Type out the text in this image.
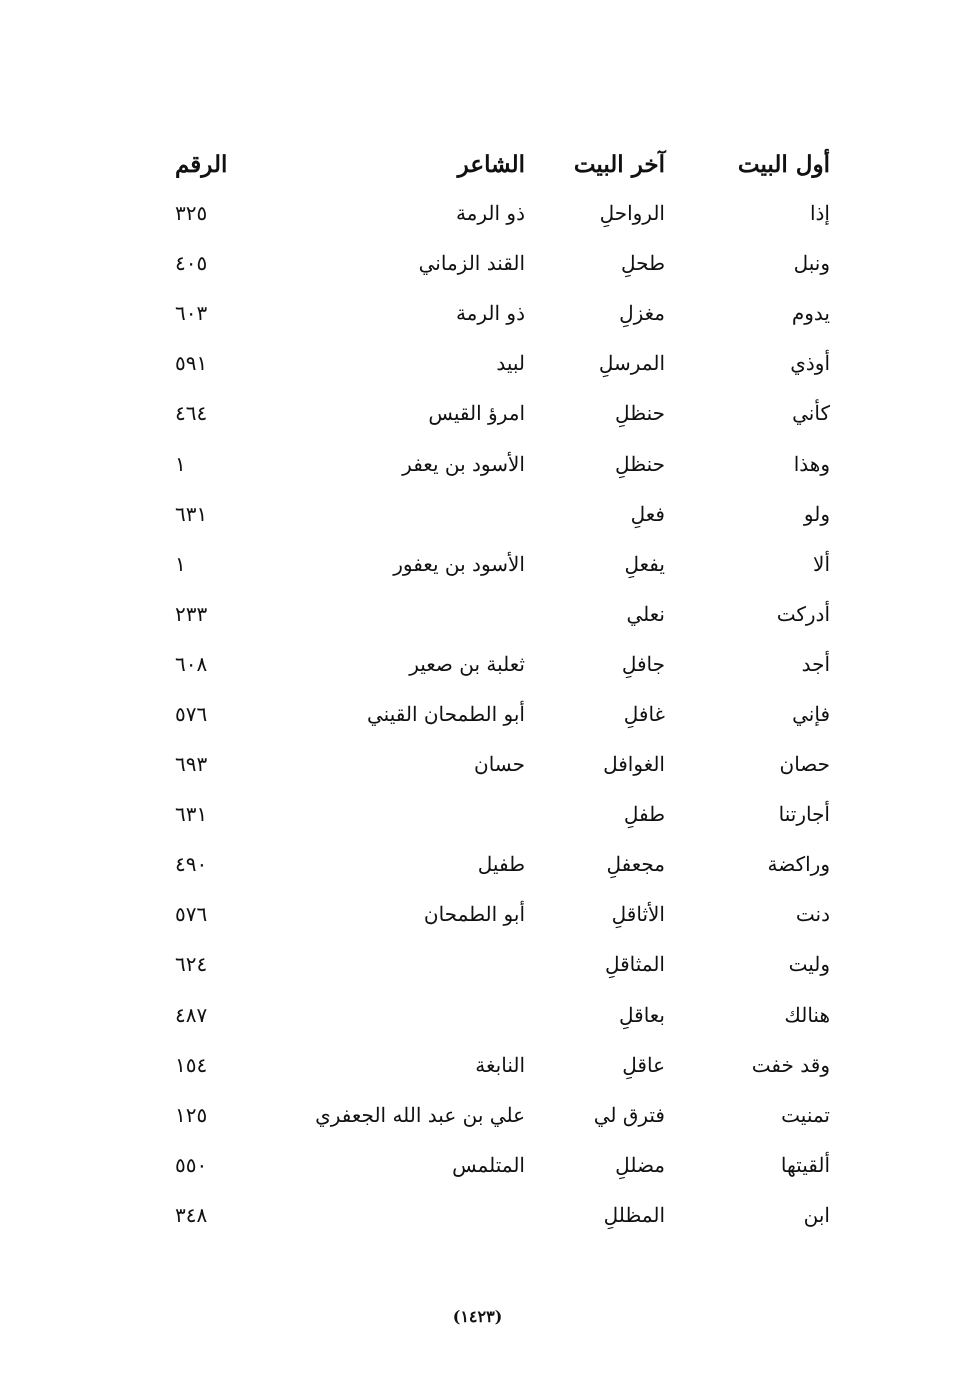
أول البيت	آخر البيت	الشاعر	الرقم
إذا	الرواحلِ	ذو الرمة	٣٢٥
ونبل	طحلِ	القند الزماني	٤٠٥
يدوم	مغزلِ	ذو الرمة	٦٠٣
أوذي	المرسلِ	لبيد	٥٩١
كأني	حنظلِ	امرؤ القيس	٤٦٤
وهذا	حنظلِ	الأسود بن يعفر	١
ولو	فعلِ		٦٣١
ألا	يفعلِ	الأسود بن يعفور	١
أدركت	نعلي		٢٣٣
أجد	جافلِ	ثعلبة بن صعير	٦٠٨
فإني	غافلِ	أبو الطمحان القيني	٥٧٦
حصان	الغوافل	حسان	٦٩٣
أجارتنا	طفلِ		٦٣١
وراكضة	مجعفلِ	طفيل	٤٩٠
دنت	الأثاقلِ	أبو الطمحان	٥٧٦
وليت	المثاقلِ		٦٢٤
هنالك	بعاقلِ		٤٨٧
وقد خفت	عاقلِ	النابغة	١٥٤
تمنيت	فترق لي	علي بن عبد الله الجعفري	١٢٥
ألقيتها	مضللِ	المتلمس	٥٥٠
ابن	المظللِ		٣٤٨
(١٤٢٣)
